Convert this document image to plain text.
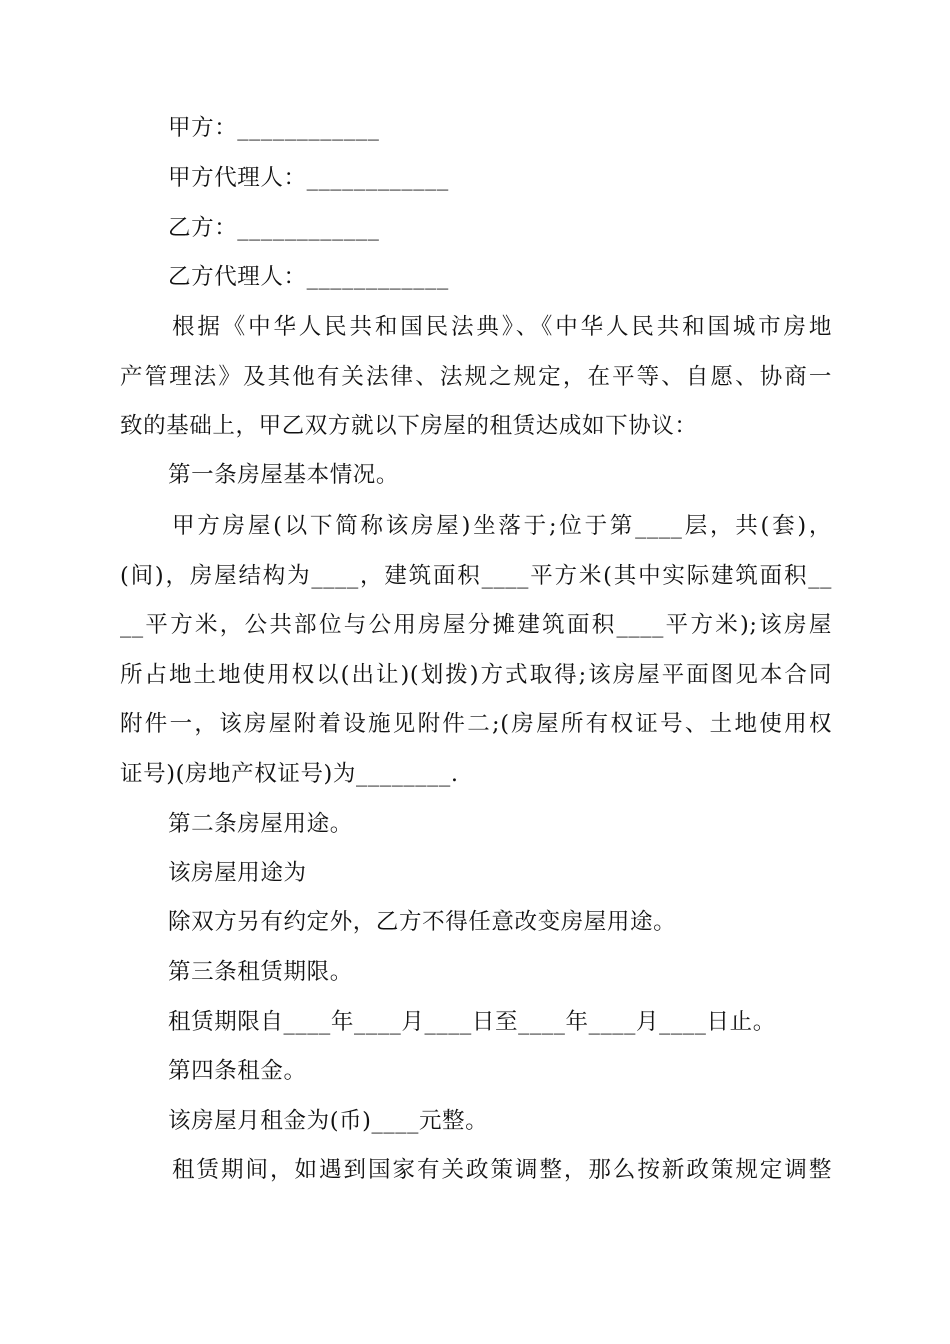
甲方：____________
甲方代理人：____________
乙方：____________
乙方代理人：____________
根据《中华人民共和国民法典》、《中华人民共和国城市房地
产管理法》及其他有关法律、法规之规定，在平等、自愿、协商一
致的基础上，甲乙双方就以下房屋的租赁达成如下协议：
第一条房屋基本情况。
甲方房屋(以下简称该房屋)坐落于;位于第____层，共(套)，
(间)，房屋结构为____，建筑面积____平方米(其中实际建筑面积__
__平方米，公共部位与公用房屋分摊建筑面积____平方米);该房屋
所占地土地使用权以(出让)(划拨)方式取得;该房屋平面图见本合同
附件一，该房屋附着设施见附件二;(房屋所有权证号、土地使用权
证号)(房地产权证号)为________.
第二条房屋用途。
该房屋用途为
除双方另有约定外，乙方不得任意改变房屋用途。
第三条租赁期限。
租赁期限自____年____月____日至____年____月____日止。
第四条租金。
该房屋月租金为(币)____元整。
租赁期间，如遇到国家有关政策调整，那么按新政策规定调整
